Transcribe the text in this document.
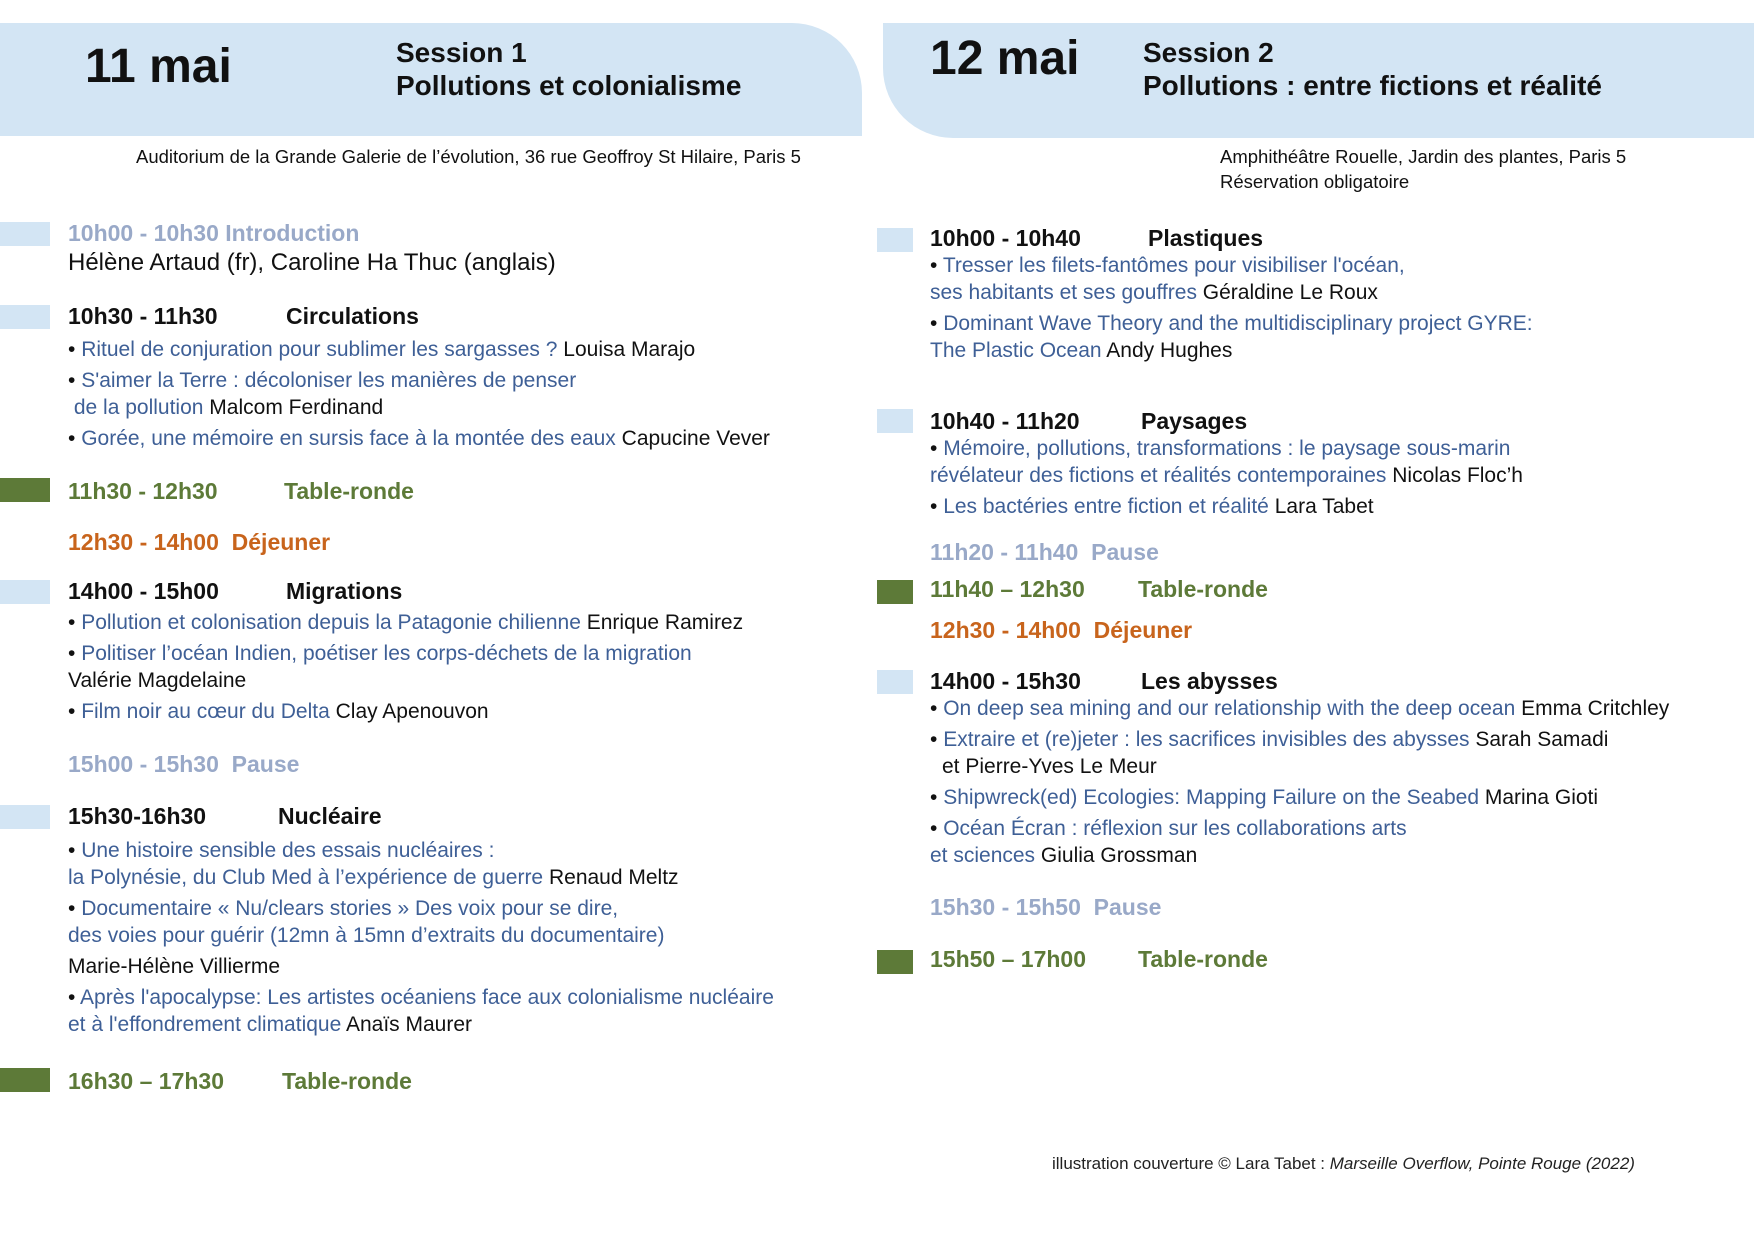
11 mai	Session 1
Pollutions et colonialisme
12 mai Session 2
Pollutions : entre fictions et réalité
Auditorium de la Grande Galerie de l’évolution, 36 rue Geoffroy St Hilaire, Paris 5	Amphithéâtre Rouelle, Jardin des plantes, Paris 5
Réservation obligatoire
10h00 - 10h30 Introduction
Hélène Artaud (fr), Caroline Ha Thuc (anglais)
10h30 - 11h30	Circulations
• Rituel de conjuration pour sublimer les sargasses ? Louisa Marajo
• S'aimer la Terre : décoloniser les manières de penser
de la pollution Malcom Ferdinand
• Gorée, une mémoire en sursis face à la montée des eaux Capucine Vever
11h30 - 12h30	Table-ronde
12h30 - 14h00 Déjeuner
14h00 - 15h00	Migrations
• Pollution et colonisation depuis la Patagonie chilienne Enrique Ramirez
• Politiser l’océan Indien, poétiser les corps-déchets de la migration
Valérie Magdelaine
• Film noir au cœur du Delta Clay Apenouvon
15h00 - 15h30 Pause
15h30-16h30	Nucléaire
• Une histoire sensible des essais nucléaires :
la Polynésie, du Club Med à l’expérience de guerre Renaud Meltz
• Documentaire « Nu/clears stories » Des voix pour se dire,
des voies pour guérir (12mn à 15mn d’extraits du documentaire)
Marie-Hélène Villierme
• Après l'apocalypse: Les artistes océaniens face aux colonialisme nucléaire
et à l'effondrement climatique Anaïs Maurer
16h30 – 17h30	Table-ronde
10h00 - 10h40	Plastiques
• Tresser les filets-fantômes pour visibiliser l'océan,
ses habitants et ses gouffres Géraldine Le Roux
• Dominant Wave Theory and the multidisciplinary project GYRE:
The Plastic Ocean Andy Hughes
10h40 - 11h20	Paysages
• Mémoire, pollutions, transformations : le paysage sous-marin
révélateur des fictions et réalités contemporaines Nicolas Floc’h
• Les bactéries entre fiction et réalité Lara Tabet
11h20 - 11h40 Pause
11h40 – 12h30 Table-ronde
12h30 - 14h00 Déjeuner
14h00 - 15h30	Les abysses
• On deep sea mining and our relationship with the deep ocean Emma Critchley
• Extraire et (re)jeter : les sacrifices invisibles des abysses Sarah Samadi
et Pierre-Yves Le Meur
• Shipwreck(ed) Ecologies: Mapping Failure on the Seabed Marina Gioti
• Océan Écran : réflexion sur les collaborations arts
et sciences Giulia Grossman
15h30 - 15h50 Pause
15h50 – 17h00 Table-ronde
illustration couverture © Lara Tabet : Marseille Overflow, Pointe Rouge (2022)
